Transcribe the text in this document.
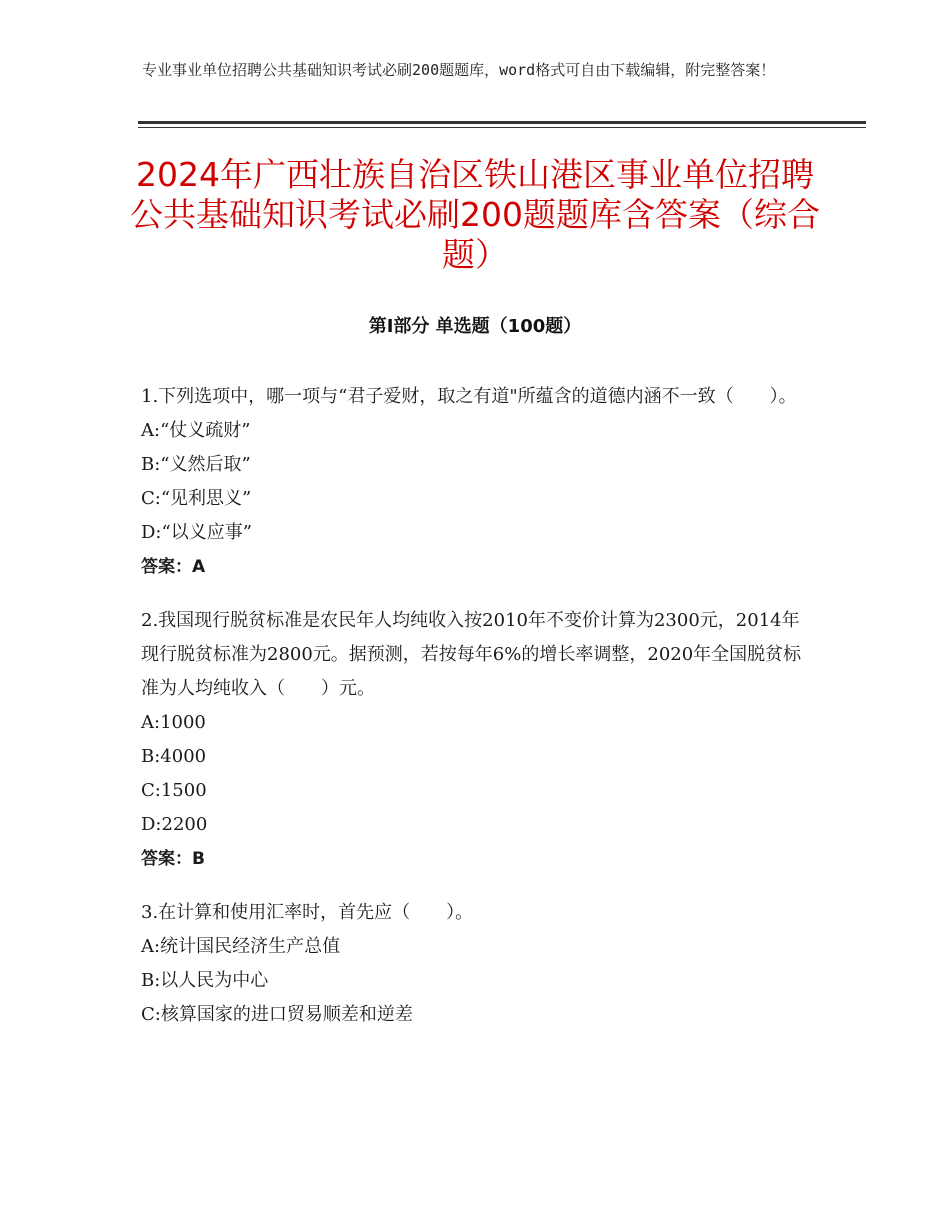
专业事业单位招聘公共基础知识考试必刷200题题库，word格式可自由下载编辑，附完整答案！
2024年广西壮族自治区铁山港区事业单位招聘公共基础知识考试必刷200题题库含答案（综合题）
第Ⅰ部分 单选题（100题）

1.下列选项中，哪一项与“君子爱财，取之有道"所蕴含的道德内涵不一致（　　）。

A:“仗义疏财”

B:“义然后取”

C:“见利思义”

D:“以义应事”

答案：A

2.我国现行脱贫标准是农民年人均纯收入按2010年不变价计算为2300元，2014年现行脱贫标准为2800元。据预测，若按每年6%的增长率调整，2020年全国脱贫标准为人均纯收入（　　）元。

A:1000

B:4000

C:1500

D:2200

答案：B

3.在计算和使用汇率时，首先应（　　）。

A:统计国民经济生产总值

B:以人民为中心

C:核算国家的进口贸易顺差和逆差
